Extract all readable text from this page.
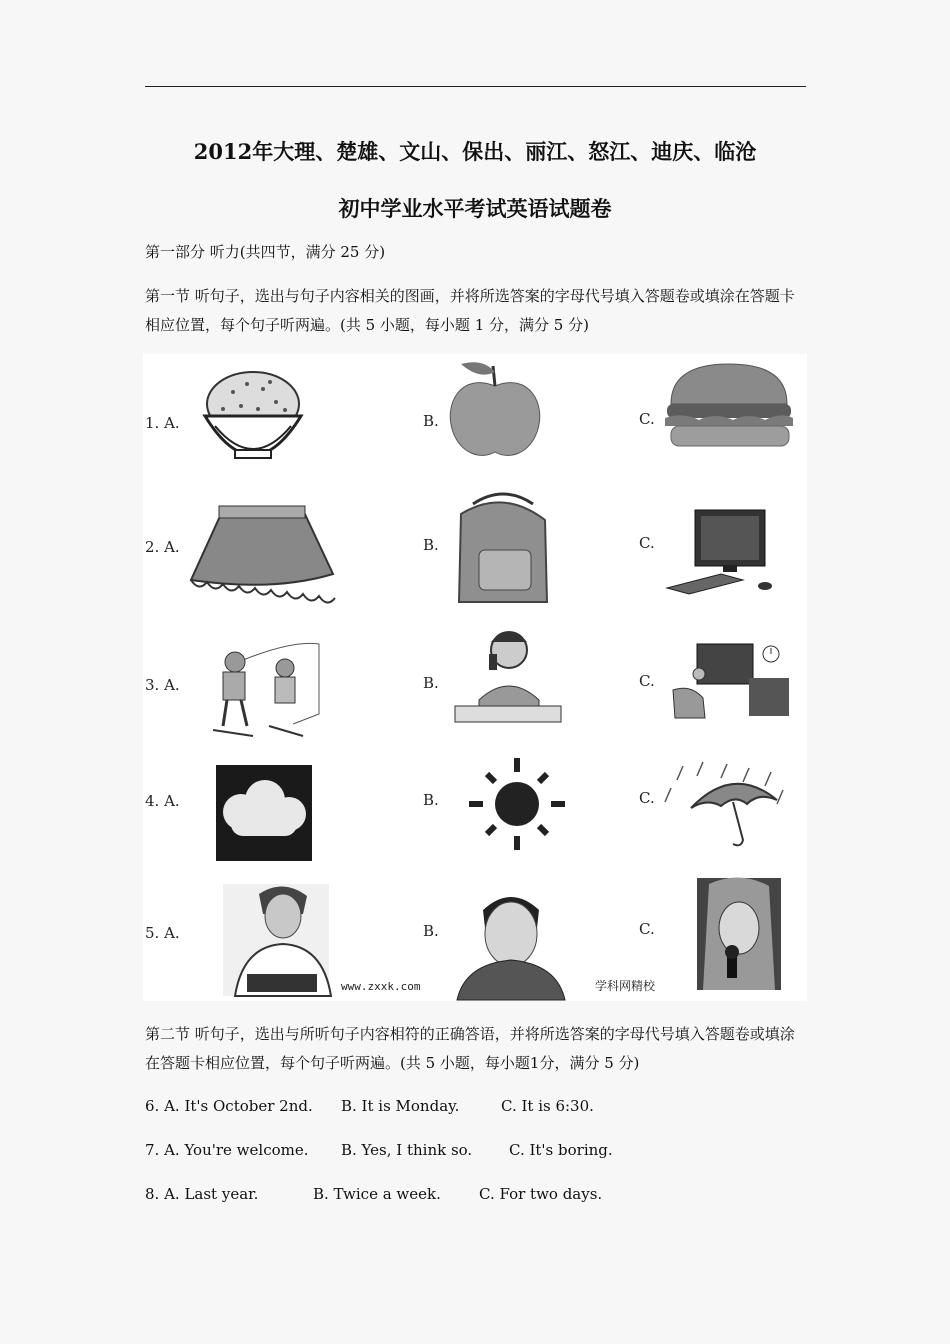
2012年大理、楚雄、文山、保出、丽江、怒江、迪庆、临沧
初中学业水平考试英语试题卷
第一部分 听力(共四节，满分 25 分)
第一节 听句子，选出与句子内容相关的图画，并将所选答案的字母代号填入答题卷或填涂在答题卡相应位置，每个句子听两遍。(共 5 小题，每小题 1 分，满分 5 分)
1. A.	B.	C.
2. A.	B.	C.
3. A.	B.	C.
4. A.	B.	C.
5. A.	B.	C.
www.zxxk.com	学科网精校
第二节 听句子，选出与所听句子内容相符的正确答语，并将所选答案的字母代号填入答题卷或填涂在答题卡相应位置，每个句子听两遍。(共 5 小题，每小题1分，满分 5 分)
6. A. It's October 2nd. B. It is Monday.	C. It is 6:30.
7. A. You're welcome. B. Yes, I think so. C. It's boring.
8. A. Last year.	B. Twice a week.	C. For two days.
